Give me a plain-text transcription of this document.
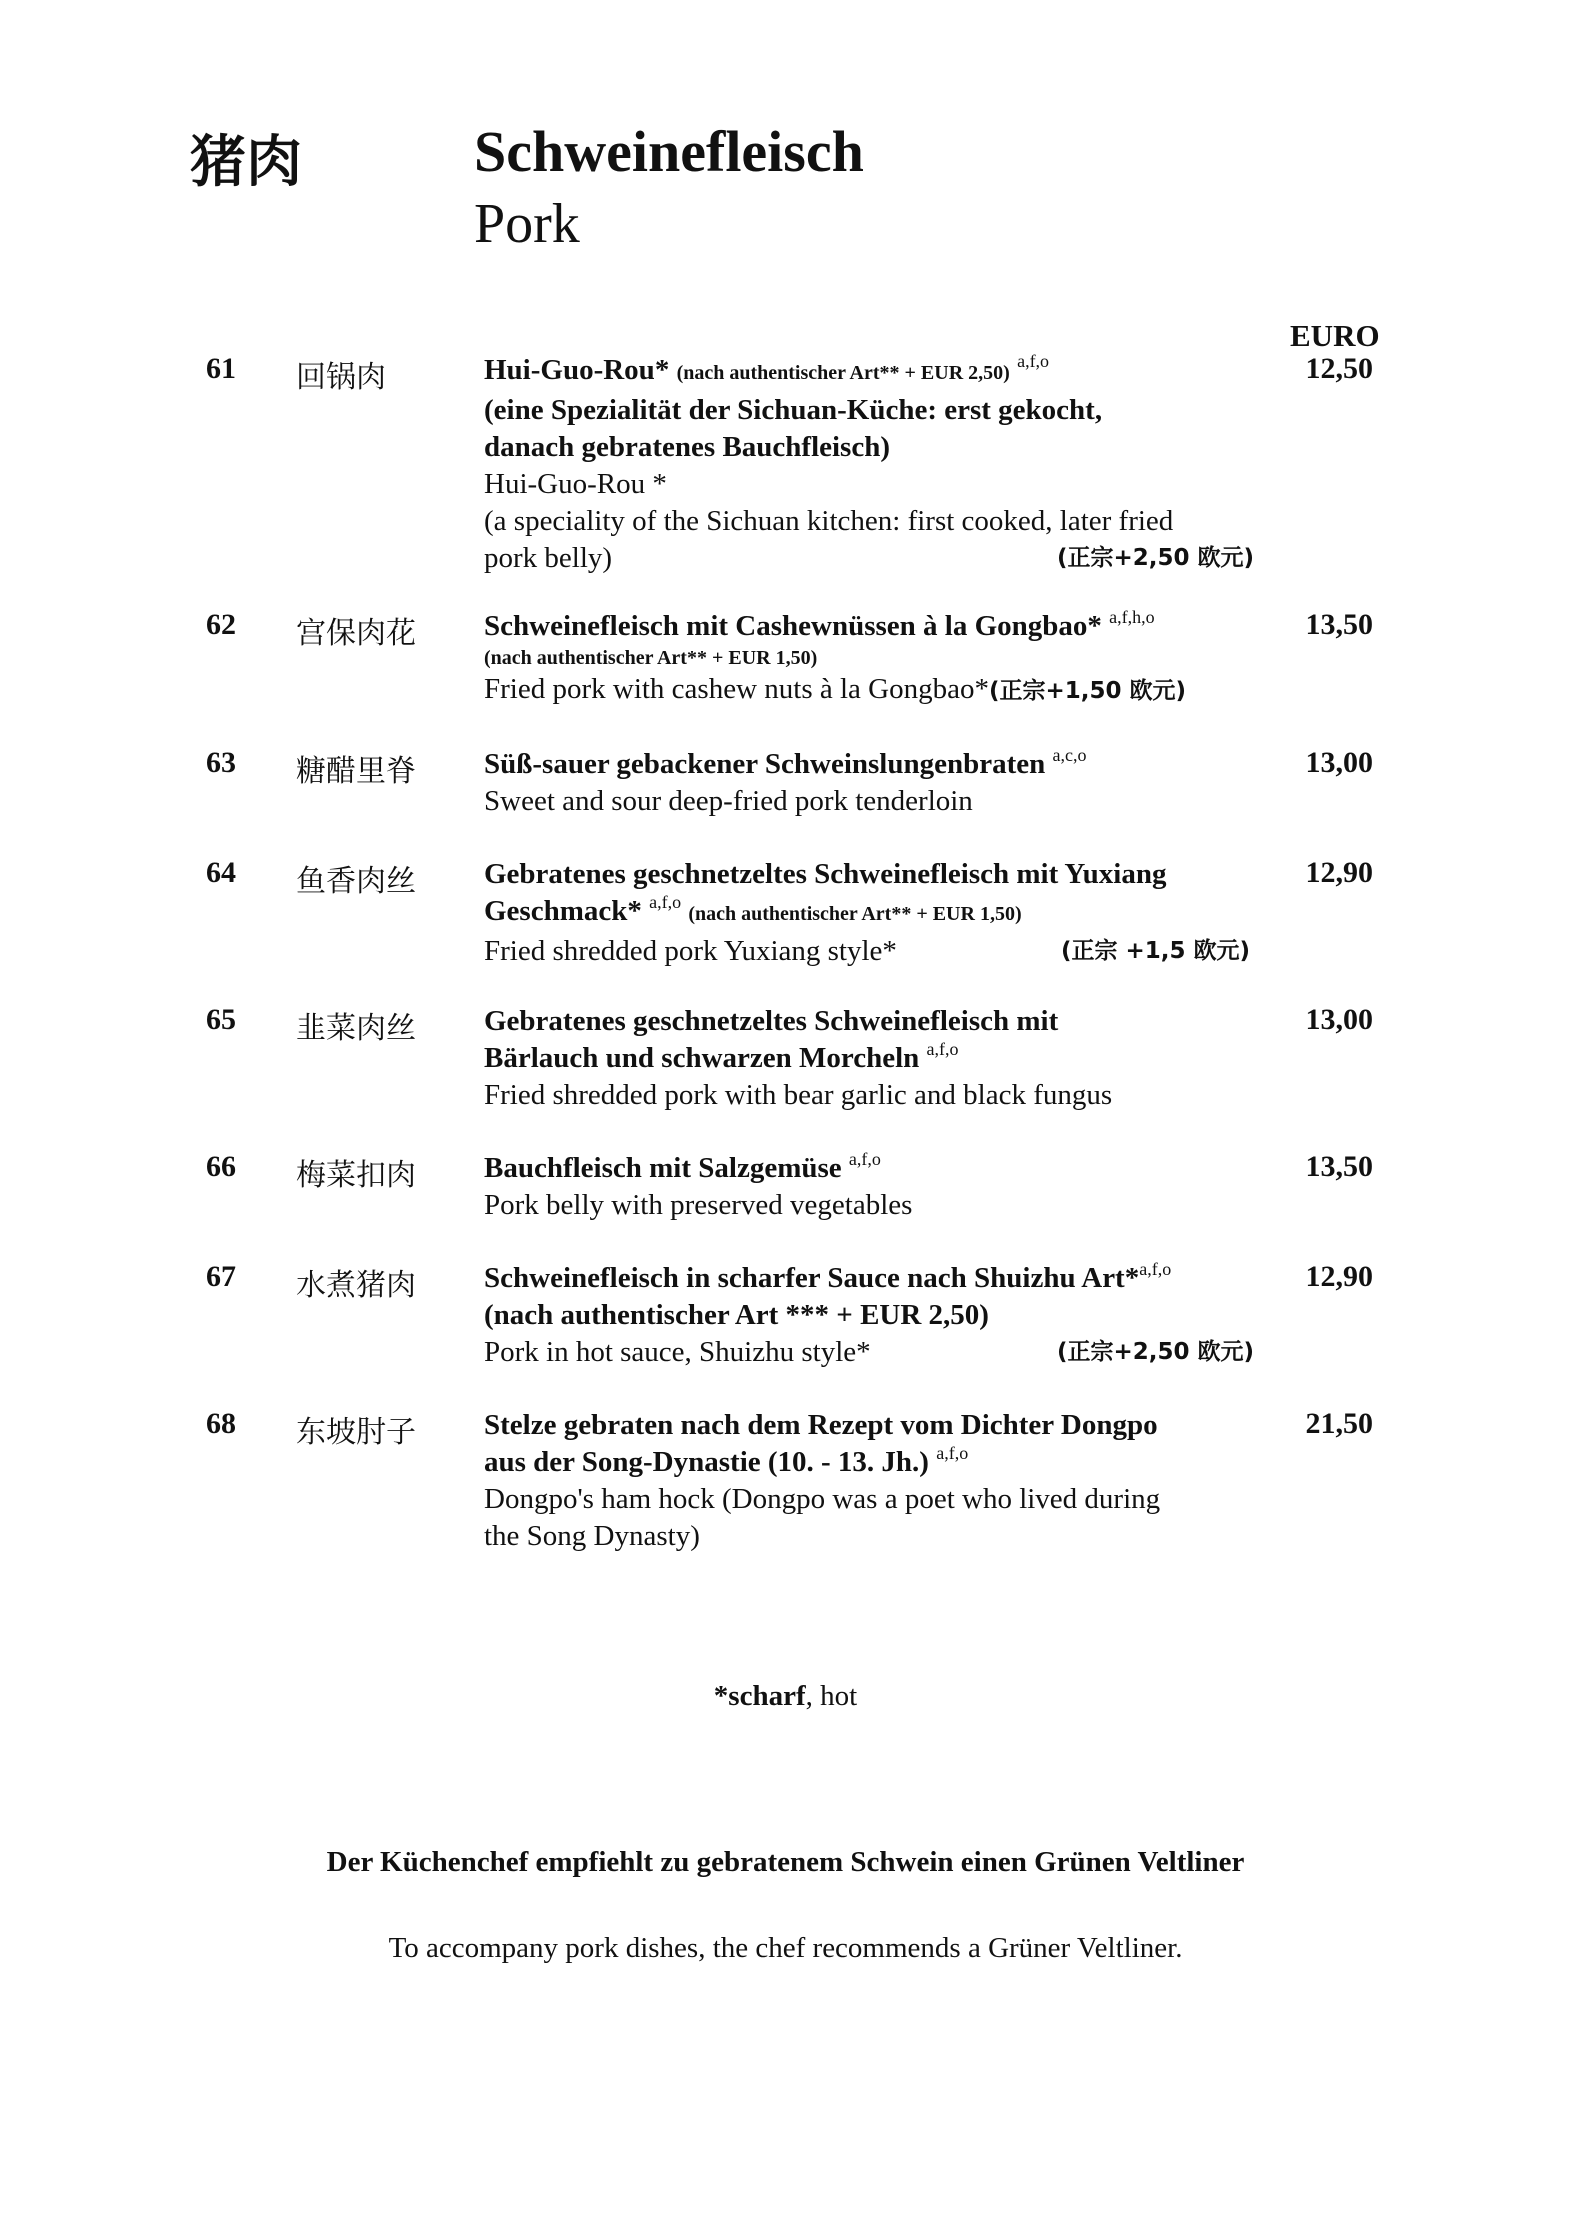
猪肉	Schweinefleisch
Pork
EURO
61 回锅肉	12,50
Hui-Guo-Rou* (nach authentischer Art** + EUR 2,50) $^{a,f,o}$
(eine Spezialität der Sichuan-Küche: erst gekocht,
danach gebratenes Bauchfleisch)
Hui-Guo-Rou *
(a speciality of the Sichuan kitchen: first cooked, later fried
pork belly)	(正宗+2,50 欧元)
62 宫保肉花	13,50
Schweinefleisch mit Cashewnüssen à la Gongbao* $^{a,f,h,o}$
(nach authentischer Art** + EUR 1,50)
Fried pork with cashew nuts à la Gongbao*(正宗+1,50 欧元)
63 糖醋里脊	13,00
Süß-sauer gebackener Schweinslungenbraten $^{a,c,o}$
Sweet and sour deep-fried pork tenderloin
64 鱼香肉丝	12,90
Gebratenes geschnetzeltes Schweinefleisch mit Yuxiang
Geschmack* $^{a,f,o}$ (nach authentischer Art** + EUR 1,50)
Fried shredded pork Yuxiang style*	(正宗 +1,5 欧元)
65 韭菜肉丝	13,00
Gebratenes geschnetzeltes Schweinefleisch mit
Bärlauch und schwarzen Morcheln $^{a,f,o}$
Fried shredded pork with bear garlic and black fungus
66 梅菜扣肉	13,50
Bauchfleisch mit Salzgemüse $^{a,f,o}$
Pork belly with preserved vegetables
67 水煮猪肉	12,90
Schweinefleisch in scharfer Sauce nach Shuizhu Art*$^{a,f,o}$
(nach authentischer Art *** + EUR 2,50)
Pork in hot sauce, Shuizhu style*	(正宗+2,50 欧元)
68 东坡肘子	21,50
Stelze gebraten nach dem Rezept vom Dichter Dongpo
aus der Song-Dynastie (10. - 13. Jh.) $^{a,f,o}$
Dongpo's ham hock (Dongpo was a poet who lived during
the Song Dynasty)
*scharf, hot
Der Küchenchef empfiehlt zu gebratenem Schwein einen Grünen Veltliner
To accompany pork dishes, the chef recommends a Grüner Veltliner.
